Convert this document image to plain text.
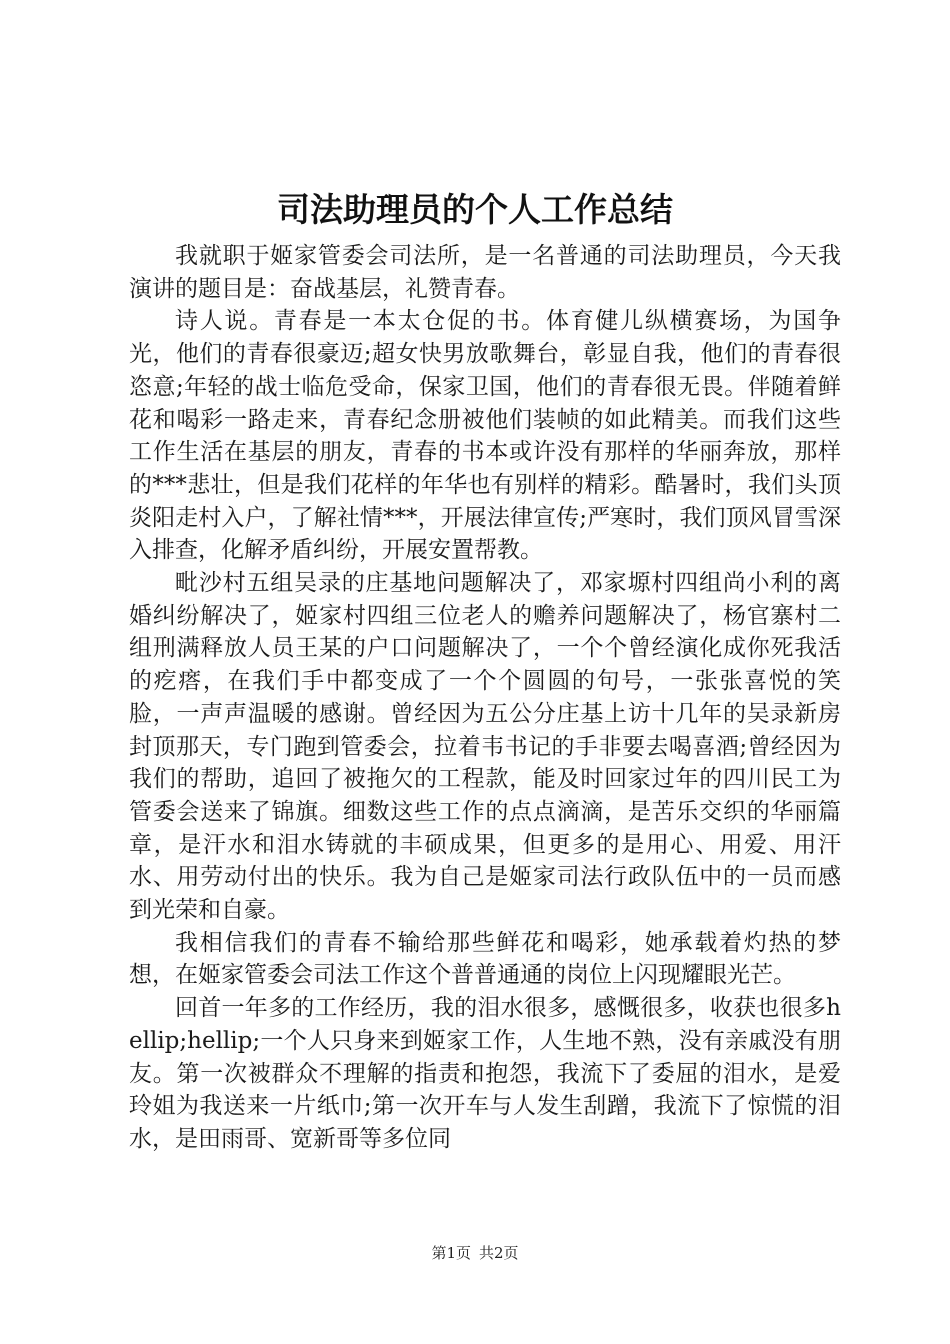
司法助理员的个人工作总结

我就职于姬家管委会司法所，是一名普通的司法助理员，今天我演讲的题目是：奋战基层，礼赞青春。

诗人说。青春是一本太仓促的书。体育健儿纵横赛场，为国争光，他们的青春很豪迈;超女快男放歌舞台，彰显自我，他们的青春很恣意;年轻的战士临危受命，保家卫国，他们的青春很无畏。伴随着鲜花和喝彩一路走来，青春纪念册被他们装帧的如此精美。而我们这些工作生活在基层的朋友，青春的书本或许没有那样的华丽奔放，那样的***悲壮，但是我们花样的年华也有别样的精彩。酷暑时，我们头顶炎阳走村入户，了解社情***，开展法律宣传;严寒时，我们顶风冒雪深入排查，化解矛盾纠纷，开展安置帮教。

毗沙村五组吴录的庄基地问题解决了，邓家塬村四组尚小利的离婚纠纷解决了，姬家村四组三位老人的赡养问题解决了，杨官寨村二组刑满释放人员王某的户口问题解决了，一个个曾经演化成你死我活的疙瘩，在我们手中都变成了一个个圆圆的句号，一张张喜悦的笑脸，一声声温暖的感谢。曾经因为五公分庄基上访十几年的吴录新房封顶那天，专门跑到管委会，拉着韦书记的手非要去喝喜酒;曾经因为我们的帮助，追回了被拖欠的工程款，能及时回家过年的四川民工为管委会送来了锦旗。细数这些工作的点点滴滴，是苦乐交织的华丽篇章，是汗水和泪水铸就的丰硕成果，但更多的是用心、用爱、用汗水、用劳动付出的快乐。我为自己是姬家司法行政队伍中的一员而感到光荣和自豪。

我相信我们的青春不输给那些鲜花和喝彩，她承载着灼热的梦想，在姬家管委会司法工作这个普普通通的岗位上闪现耀眼光芒。

回首一年多的工作经历，我的泪水很多，感慨很多，收获也很多hellip;hellip;一个人只身来到姬家工作，人生地不熟，没有亲戚没有朋友。第一次被群众不理解的指责和抱怨，我流下了委屈的泪水，是爱玲姐为我送来一片纸巾;第一次开车与人发生刮蹭，我流下了惊慌的泪水，是田雨哥、宽新哥等多位同

第1页 共2页
